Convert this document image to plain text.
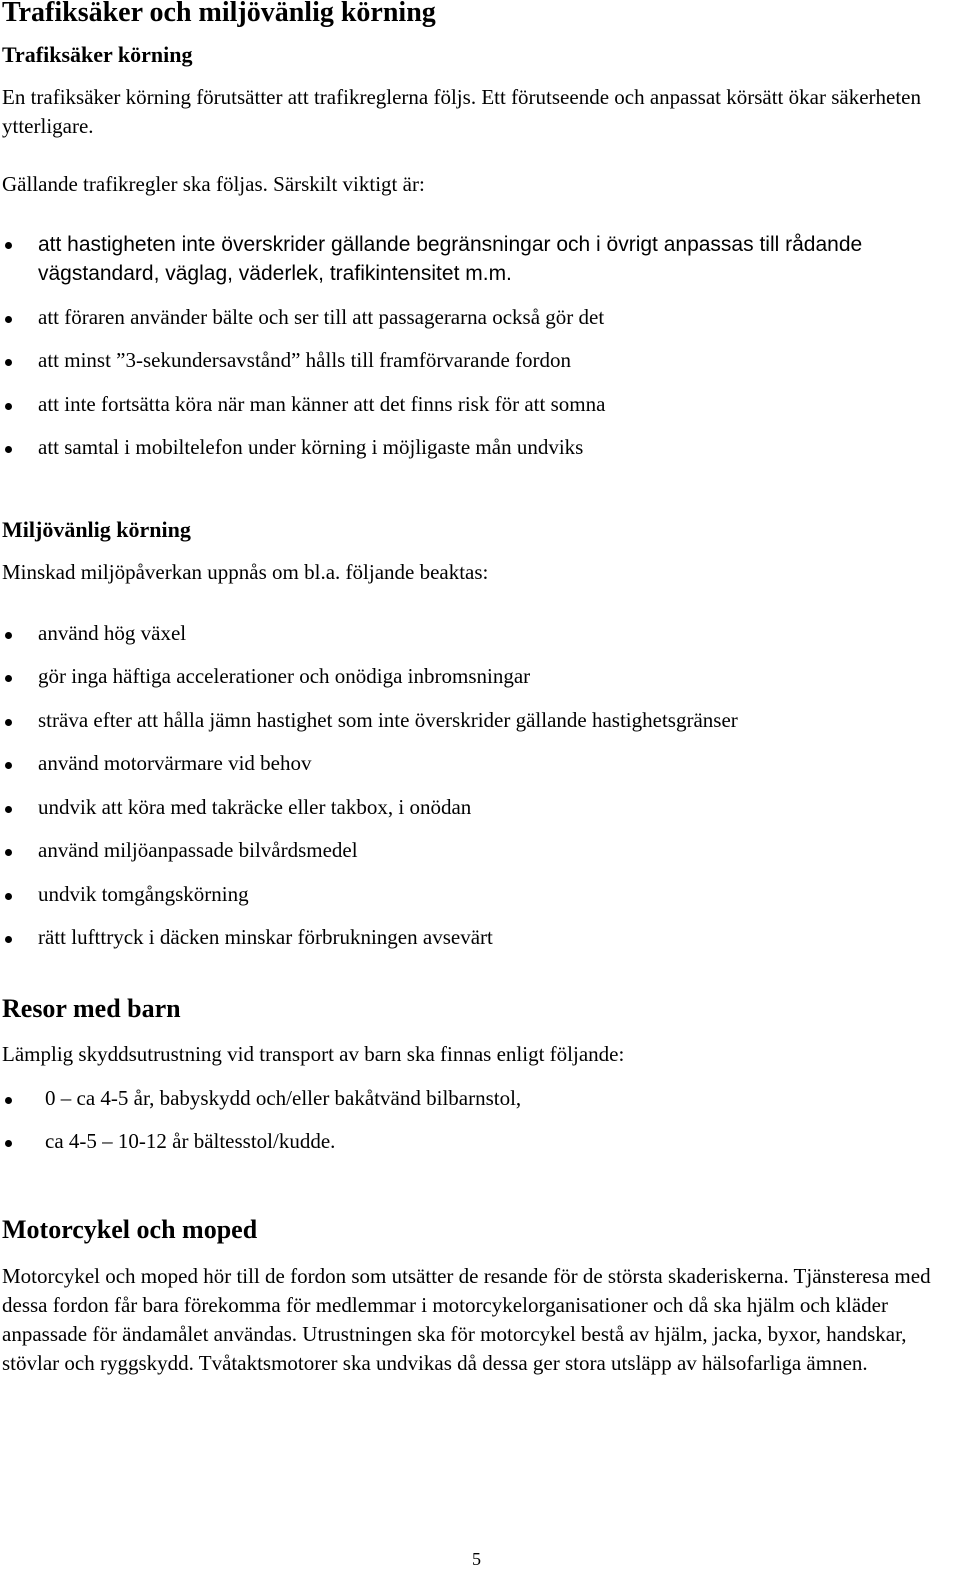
Trafiksäker och miljövänlig körning
Trafiksäker körning

En trafiksäker körning förutsätter att trafikreglerna följs. Ett förutseende och anpassat körsätt ökar säkerheten ytterligare.

Gällande trafikregler ska följas. Särskilt viktigt är:

att hastigheten inte överskrider gällande begränsningar och i övrigt anpassas till rådande vägstandard, väglag, väderlek, trafikintensitet m.m.
att föraren använder bälte och ser till att passagerarna också gör det
att minst ”3-sekundersavstånd” hålls till framförvarande fordon
att inte fortsätta köra när man känner att det finns risk för att somna
att samtal i mobiltelefon under körning i möjligaste mån undviks
Miljövänlig körning

Minskad miljöpåverkan uppnås om bl.a. följande beaktas:

använd hög växel
gör inga häftiga accelerationer och onödiga inbromsningar
sträva efter att hålla jämn hastighet som inte överskrider gällande hastighetsgränser
använd motorvärmare vid behov
undvik att köra med takräcke eller takbox, i onödan
använd miljöanpassade bilvårdsmedel
undvik tomgångskörning
rätt lufttryck i däcken minskar förbrukningen avsevärt
Resor med barn

Lämplig skyddsutrustning vid transport av barn ska finnas enligt följande:

0 – ca 4-5 år, babyskydd och/eller bakåtvänd bilbarnstol,
ca 4-5 – 10-12 år bältesstol/kudde.
Motorcykel och moped

Motorcykel och moped hör till de fordon som utsätter de resande för de största skaderiskerna. Tjänsteresa med dessa fordon får bara förekomma för medlemmar i motorcykelorganisationer och då ska hjälm och kläder anpassade för ändamålet användas. Utrustningen ska för motorcykel bestå av hjälm, jacka, byxor, handskar, stövlar och ryggskydd. Tvåtaktsmotorer ska undvikas då dessa ger stora utsläpp av hälsofarliga ämnen.

5
